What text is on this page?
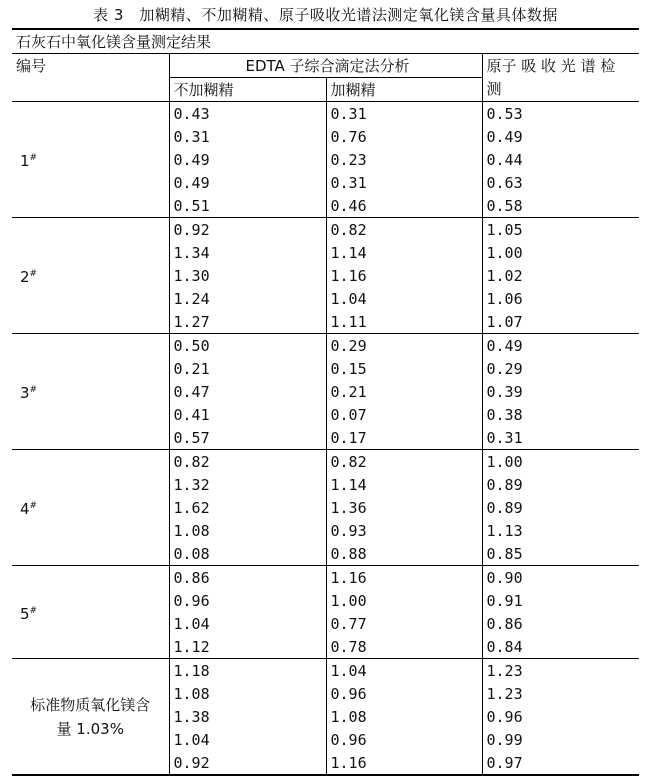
表 3　加糊精、不加糊精、原子吸收光谱法测定氧化镁含量具体数据
石灰石中氧化镁含量测定结果			
编号	EDTA 子综合滴定法分析		原子 吸 收 光 谱 检
	不加糊精	加糊精	测
1#	0.43	0.31	0.53
	0.31	0.76	0.49
	0.49	0.23	0.44
	0.49	0.31	0.63
	0.51	0.46	0.58
2#	0.92	0.82	1.05
	1.34	1.14	1.00
	1.30	1.16	1.02
	1.24	1.04	1.06
	1.27	1.11	1.07
3#	0.50	0.29	0.49
	0.21	0.15	0.29
	0.47	0.21	0.39
	0.41	0.07	0.38
	0.57	0.17	0.31
4#	0.82	0.82	1.00
	1.32	1.14	0.89
	1.62	1.36	0.89
	1.08	0.93	1.13
	0.08	0.88	0.85
5#	0.86	1.16	0.90
	0.96	1.00	0.91
	1.04	0.77	0.86
	1.12	0.78	0.84
标准物质氧化镁含量 1.03%	1.18	1.04	1.23
	1.08	0.96	1.23
	1.38	1.08	0.96
	1.04	0.96	0.99
	0.92	1.16	0.97
